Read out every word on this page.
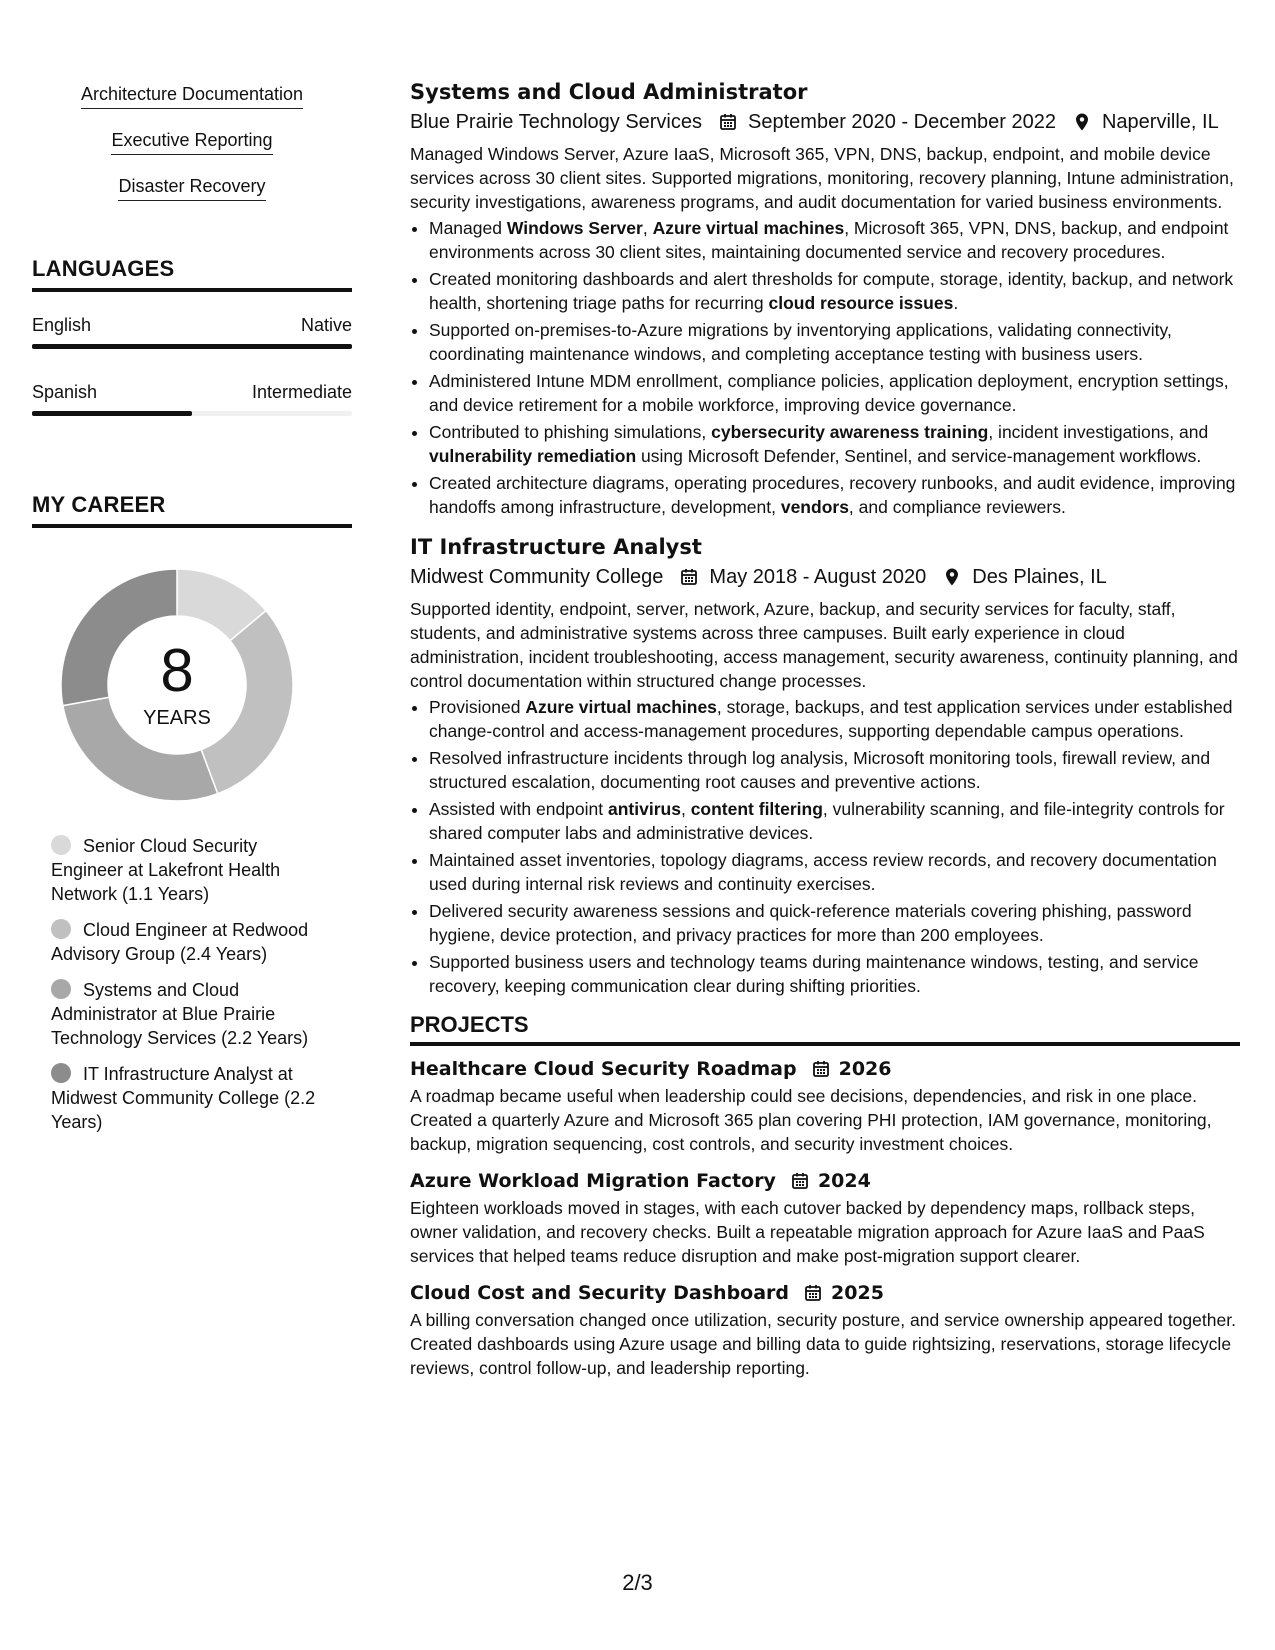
Architecture Documentation
Executive Reporting
Disaster Recovery
LANGUAGES
English	Native
Spanish	Intermediate
MY CAREER
8
YEARS
Senior Cloud Security Engineer at Lakefront Health Network (1.1 Years)
Cloud Engineer at Redwood Advisory Group (2.4 Years)
Systems and Cloud Administrator at Blue Prairie Technology Services (2.2 Years)
IT Infrastructure Analyst at Midwest Community College (2.2 Years)
Systems and Cloud Administrator
Blue Prairie Technology Services September 2020 - December 2022 Naperville, IL

Managed Windows Server, Azure IaaS, Microsoft 365, VPN, DNS, backup, endpoint, and mobile device services across 30 client sites. Supported migrations, monitoring, recovery planning, Intune administration, security investigations, awareness programs, and audit documentation for varied business environments.

• Managed Windows Server, Azure virtual machines, Microsoft 365, VPN, DNS, backup, and endpoint environments across 30 client sites, maintaining documented service and recovery procedures.
• Created monitoring dashboards and alert thresholds for compute, storage, identity, backup, and network health, shortening triage paths for recurring cloud resource issues.
• Supported on-premises-to-Azure migrations by inventorying applications, validating connectivity, coordinating maintenance windows, and completing acceptance testing with business users.
• Administered Intune MDM enrollment, compliance policies, application deployment, encryption settings, and device retirement for a mobile workforce, improving device governance.
• Contributed to phishing simulations, cybersecurity awareness training, incident investigations, and vulnerability remediation using Microsoft Defender, Sentinel, and service-management workflows.
• Created architecture diagrams, operating procedures, recovery runbooks, and audit evidence, improving handoffs among infrastructure, development, vendors, and compliance reviewers.
IT Infrastructure Analyst
Midwest Community College May 2018 - August 2020 Des Plaines, IL

Supported identity, endpoint, server, network, Azure, backup, and security services for faculty, staff, students, and administrative systems across three campuses. Built early experience in cloud administration, incident troubleshooting, access management, security awareness, continuity planning, and control documentation within structured change processes.

• Provisioned Azure virtual machines, storage, backups, and test application services under established change-control and access-management procedures, supporting dependable campus operations.
• Resolved infrastructure incidents through log analysis, Microsoft monitoring tools, firewall review, and structured escalation, documenting root causes and preventive actions.
• Assisted with endpoint antivirus, content filtering, vulnerability scanning, and file-integrity controls for shared computer labs and administrative devices.
• Maintained asset inventories, topology diagrams, access review records, and recovery documentation used during internal risk reviews and continuity exercises.
• Delivered security awareness sessions and quick-reference materials covering phishing, password hygiene, device protection, and privacy practices for more than 200 employees.
• Supported business users and technology teams during maintenance windows, testing, and service recovery, keeping communication clear during shifting priorities.
PROJECTS
Healthcare Cloud Security Roadmap 2026

A roadmap became useful when leadership could see decisions, dependencies, and risk in one place. Created a quarterly Azure and Microsoft 365 plan covering PHI protection, IAM governance, monitoring, backup, migration sequencing, cost controls, and security investment choices.

Azure Workload Migration Factory 2024

Eighteen workloads moved in stages, with each cutover backed by dependency maps, rollback steps, owner validation, and recovery checks. Built a repeatable migration approach for Azure IaaS and PaaS services that helped teams reduce disruption and make post-migration support clearer.

Cloud Cost and Security Dashboard 2025

A billing conversation changed once utilization, security posture, and service ownership appeared together. Created dashboards using Azure usage and billing data to guide rightsizing, reservations, storage lifecycle reviews, control follow-up, and leadership reporting.

2/3
